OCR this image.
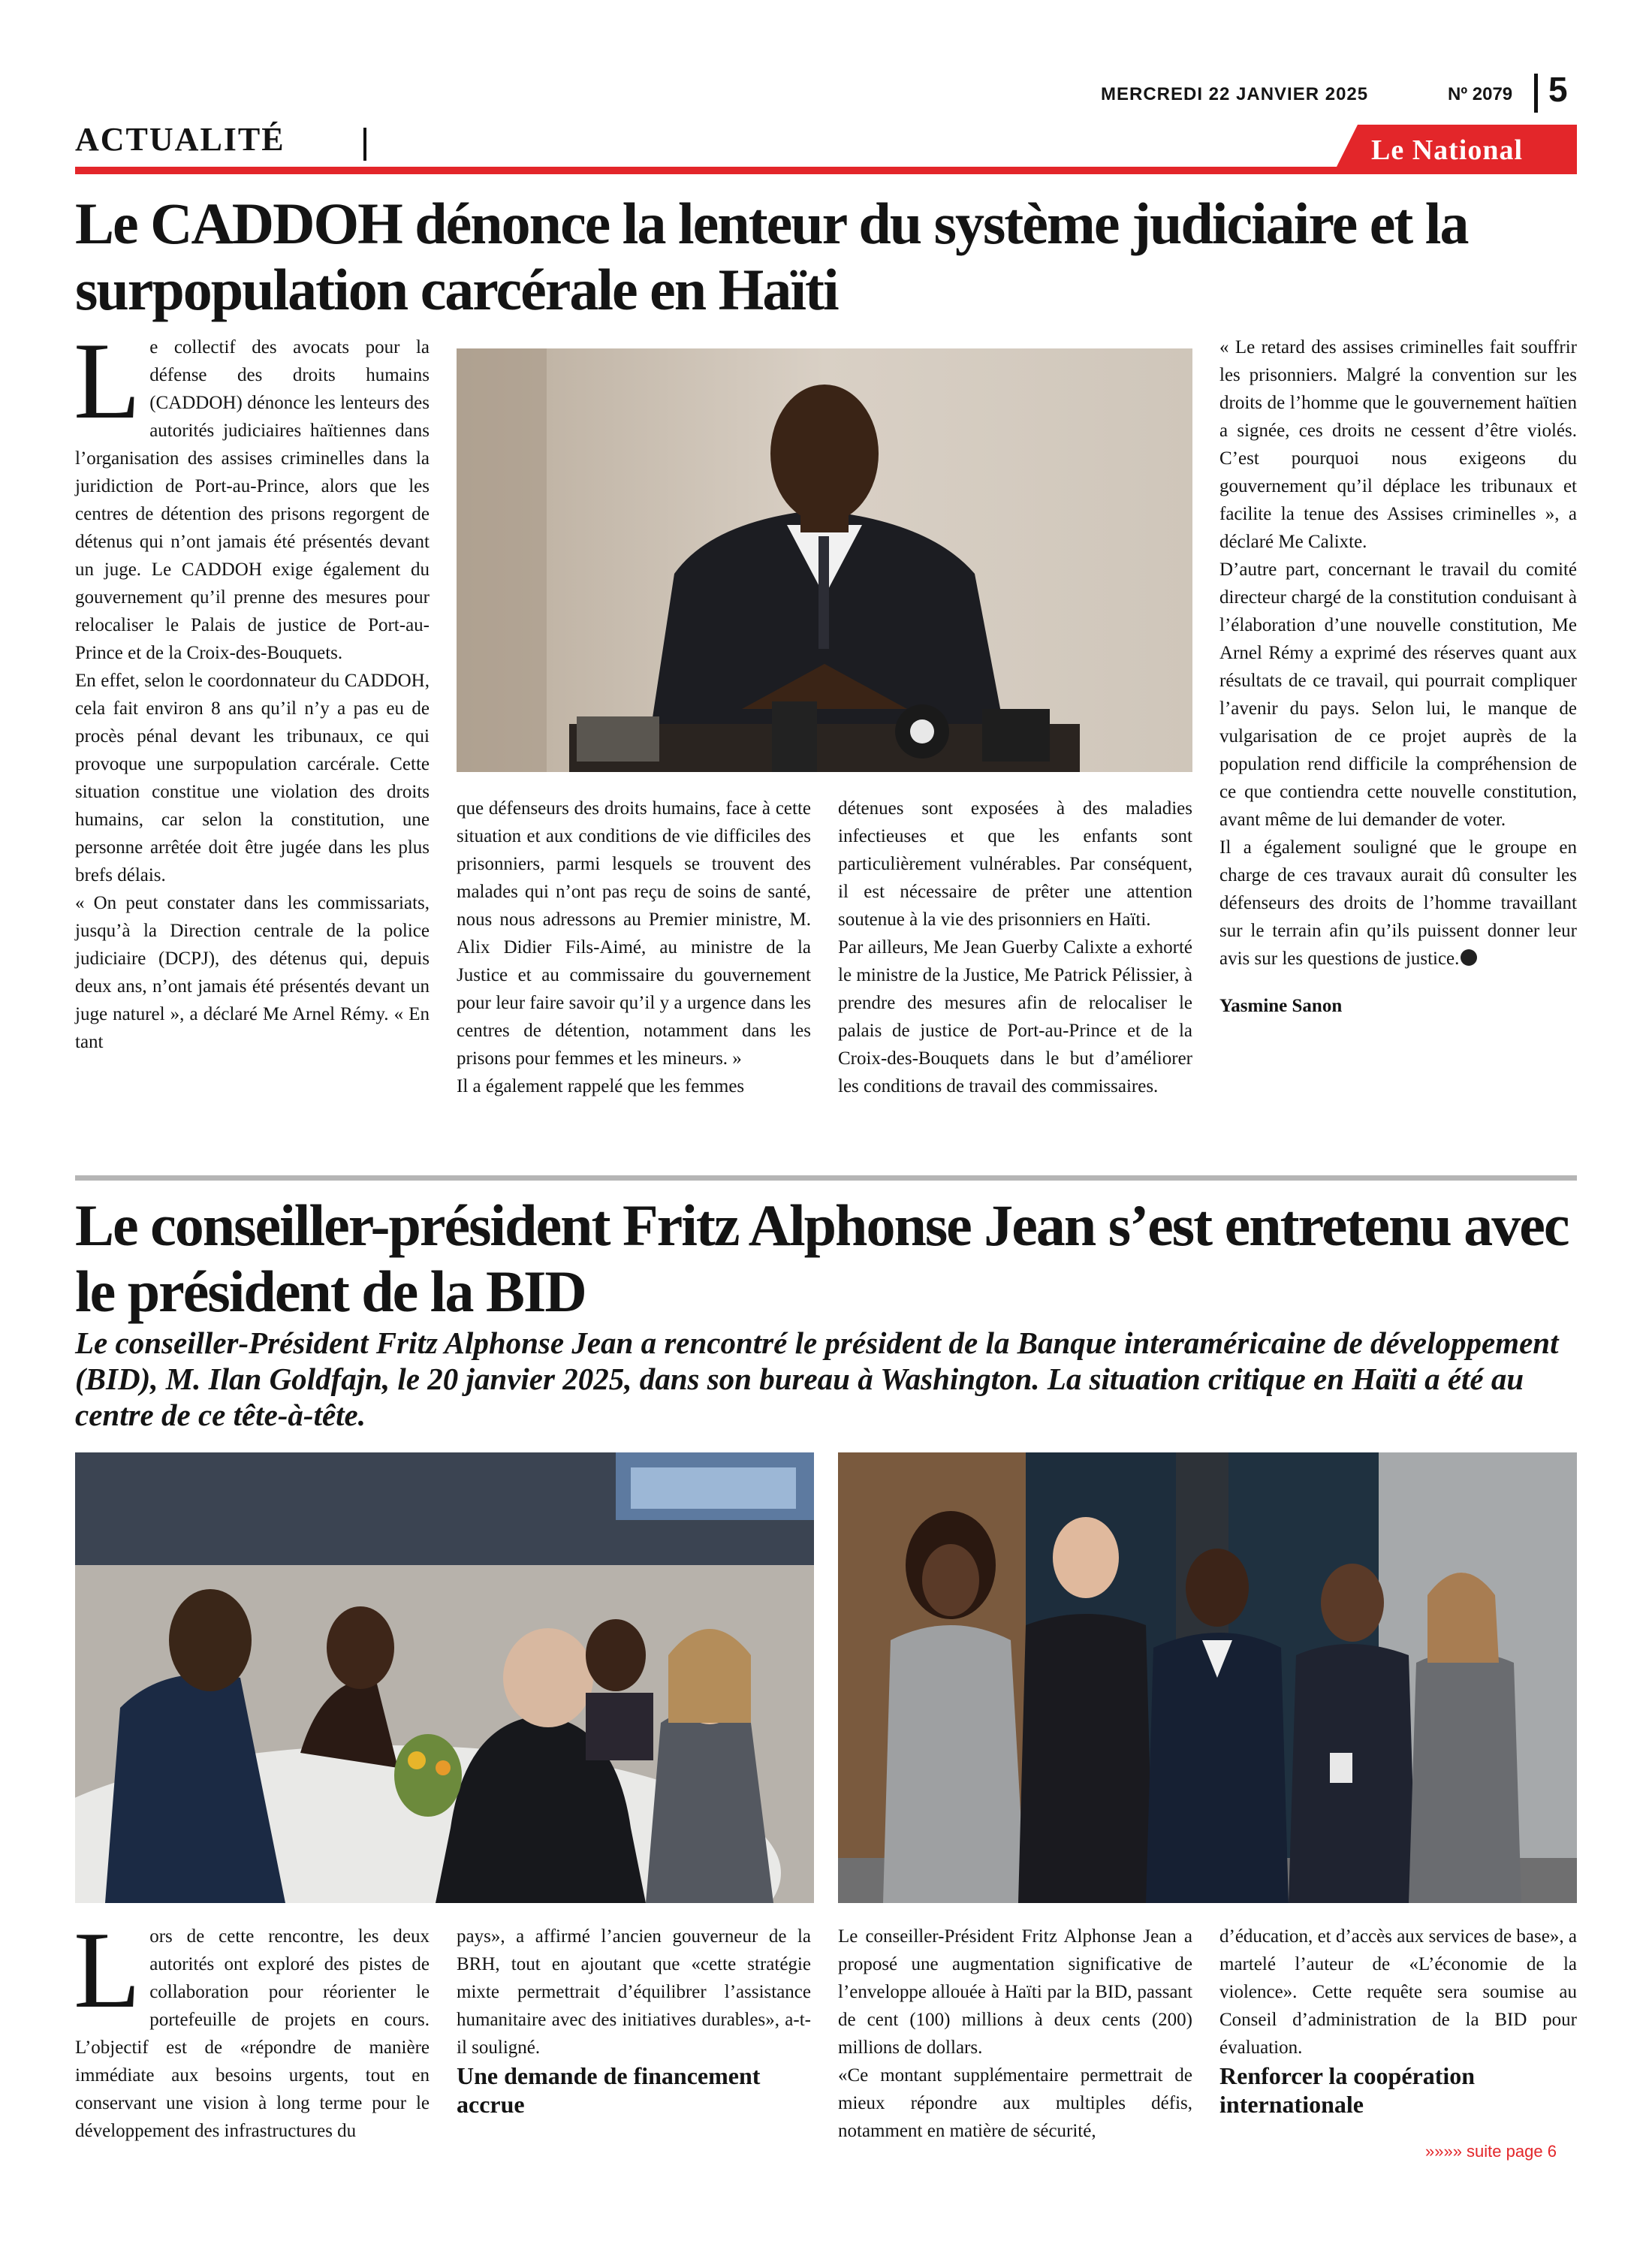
MERCREDI 22 JANVIER 2025	Nº 2079 5
ACTUALITÉ	Le National
Le CADDOH dénonce la lenteur du système judiciaire et la surpopulation carcérale en Haïti

Le collectif des avocats pour la défense des droits humains (CADDOH) dénonce les lenteurs des autorités judiciaires haïtiennes dans l’organisation des assises criminelles dans la juridiction de Port-au-Prince, alors que les centres de détention des prisons regorgent de détenus qui n’ont jamais été présentés devant un juge. Le CADDOH exige également du gouvernement qu’il prenne des mesures pour relocaliser le Palais de justice de Port-au-Prince et de la Croix-des-Bouquets.

En effet, selon le coordonnateur du CADDOH, cela fait environ 8 ans qu’il n’y a pas eu de procès pénal devant les tribunaux, ce qui provoque une surpopulation carcérale. Cette situation constitue une violation des droits humains, car selon la constitution, une personne arrêtée doit être jugée dans les plus brefs délais.

« On peut constater dans les commissariats, jusqu’à la Direction centrale de la police judiciaire (DCPJ), des détenus qui, depuis deux ans, n’ont jamais été présentés devant un juge naturel », a déclaré Me Arnel Rémy. « En tant

que défenseurs des droits humains, face à cette situation et aux conditions de vie difficiles des prisonniers, parmi lesquels se trouvent des malades qui n’ont pas reçu de soins de santé, nous nous adressons au Premier ministre, M. Alix Didier Fils-Aimé, au ministre de la Justice et au commissaire du gouvernement pour leur faire savoir qu’il y a urgence dans les centres de détention, notamment dans les prisons pour femmes et les mineurs. »

Il a également rappelé que les femmes

détenues sont exposées à des maladies infectieuses et que les enfants sont particulièrement vulnérables. Par conséquent, il est nécessaire de prêter une attention soutenue à la vie des prisonniers en Haïti.

Par ailleurs, Me Jean Guerby Calixte a exhorté le ministre de la Justice, Me Patrick Pélissier, à prendre des mesures afin de relocaliser le palais de justice de Port-au-Prince et de la Croix-des-Bouquets dans le but d’améliorer les conditions de travail des commissaires.

« Le retard des assises criminelles fait souffrir les prisonniers. Malgré la convention sur les droits de l’homme que le gouvernement haïtien a signée, ces droits ne cessent d’être violés. C’est pourquoi nous exigeons du gouvernement qu’il déplace les tribunaux et facilite la tenue des Assises criminelles », a déclaré Me Calixte.

D’autre part, concernant le travail du comité directeur chargé de la constitution conduisant à l’élaboration d’une nouvelle constitution, Me Arnel Rémy a exprimé des réserves quant aux résultats de ce travail, qui pourrait compliquer l’avenir du pays. Selon lui, le manque de vulgarisation de ce projet auprès de la population rend difficile la compréhension de ce que contiendra cette nouvelle constitution, avant même de lui demander de voter.

Il a également souligné que le groupe en charge de ces travaux aurait dû consulter les défenseurs des droits de l’homme travaillant sur le terrain afin qu’ils puissent donner leur avis sur les questions de justice.

Yasmine Sanon

Le conseiller-président Fritz Alphonse Jean s’est entretenu avec le président de la BID
Le conseiller-Président Fritz Alphonse Jean a rencontré le président de la Banque interaméricaine de développement (BID), M. Ilan Goldfajn, le 20 janvier 2025, dans son bureau à Washington. La situation critique en Haïti a été au centre de ce tête-à-tête.

Lors de cette rencontre, les deux autorités ont exploré des pistes de collaboration pour réorienter le portefeuille de projets en cours. L’objectif est de «répondre de manière immédiate aux besoins urgents, tout en conservant une vision à long terme pour le développement des infrastructures du

pays», a affirmé l’ancien gouverneur de la BRH, tout en ajoutant que «cette stratégie mixte permettrait d’équilibrer l’assistance humanitaire avec des initiatives durables», a-t-il souligné.

Une demande de financement accrue

Le conseiller-Président Fritz Alphonse Jean a proposé une augmentation significative de l’enveloppe allouée à Haïti par la BID, passant de cent (100) millions à deux cents (200) millions de dollars.

«Ce montant supplémentaire permettrait de mieux répondre aux multiples défis, notamment en matière de sécurité,

d’éducation, et d’accès aux services de base», a martelé l’auteur de «L’économie de la violence». Cette requête sera soumise au Conseil d’administration de la BID pour évaluation.

Renforcer la coopération internationale

»»»» suite page 6
